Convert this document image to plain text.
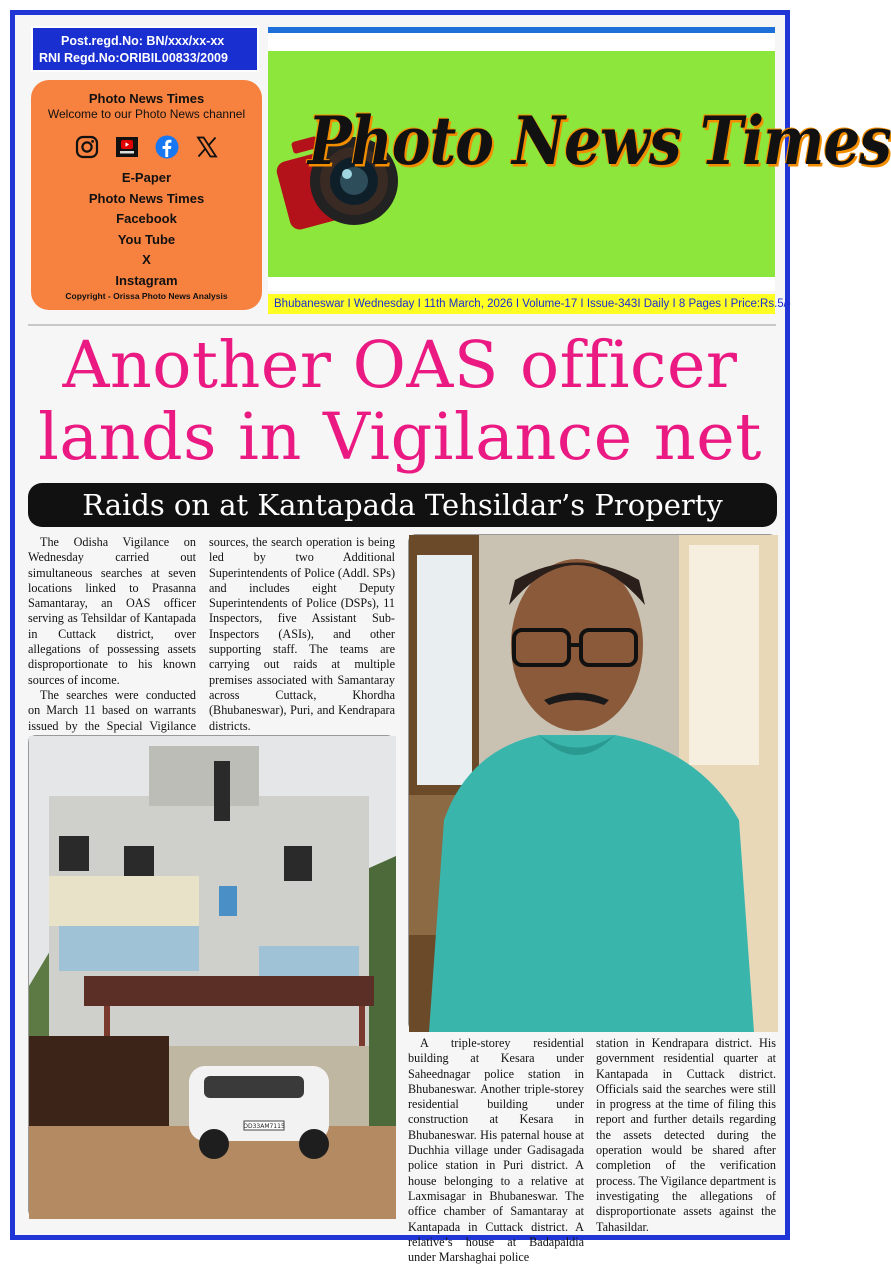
Post.regd.No: BN/xxx/xx-xx
RNI Regd.No:ORIBIL00833/2009
Photo News Times
Welcome to our Photo News channel
E-Paper
Photo News Times
Facebook
You Tube
X
Instagram
Copyright - Orissa Photo News Analysis
Photo News Times
Bhubaneswar I Wednesday I 11th March, 2026 I Volume-17 I Issue-343I Daily I 8 Pages I Price:Rs.5/-
Another OAS officer
lands in Vigilance net
Raids on at Kantapada Tehsildar’s Property

The Odisha Vigilance on Wednesday carried out simultaneous searches at seven locations linked to Prasanna Samantaray, an OAS officer serving as Tehsildar of Kantapada in Cuttack district, over allegations of possessing assets disproportionate to his known sources of income.

The searches were conducted on March 11 based on warrants issued by the Special Vigilance

sources, the search operation is being led by two Additional Superintendents of Police (Addl. SPs) and includes eight Deputy Superintendents of Police (DSPs), 11 Inspectors, five Assistant Sub-Inspectors (ASIs), and other supporting staff. The teams are carrying out raids at multiple premises associated with Samantaray across Cuttack, Khordha (Bhubaneswar), Puri, and Kendrapara districts.

OD33AM7115

A triple-storey residential building at Kesara under Saheednagar police station in Bhubaneswar. Another triple-storey residential building under construction at Kesara in Bhubaneswar. His paternal house at Duchhia village under Gadisagada police station in Puri district. A house belonging to a relative at Laxmisagar in Bhubaneswar. The office chamber of Samantaray at Kantapada in Cuttack district. A relative’s house at Badapaldia under Marshaghai police

station in Kendrapara district. His government residential quarter at Kantapada in Cuttack district. Officials said the searches were still in progress at the time of filing this report and further details regarding the assets detected during the operation would be shared after completion of the verification process. The Vigilance department is investigating the allegations of disproportionate assets against the Tahasildar.
